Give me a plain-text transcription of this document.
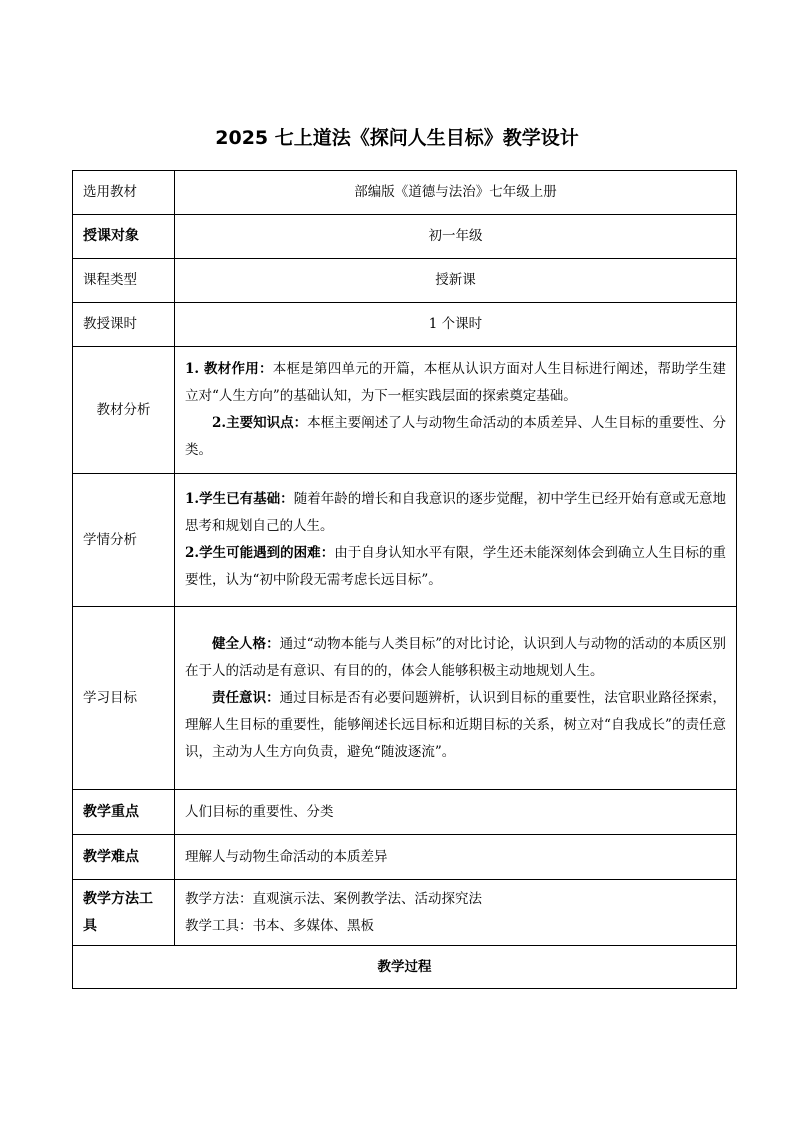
2025 七上道法《探问人生目标》教学设计
选用教材	部编版《道德与法治》七年级上册
授课对象	初一年级
课程类型	授新课
教授课时	1 个课时
教材分析	1. 教材作用：本框是第四单元的开篇，本框从认识方面对人生目标进行阐述，帮助学生建立对“人生方向”的基础认知，为下一框实践层面的探索奠定基础。

2.主要知识点：本框主要阐述了人与动物生命活动的本质差异、人生目标的重要性、分类。

学情分析	1.学生已有基础：随着年龄的增长和自我意识的逐步觉醒，初中学生已经开始有意或无意地思考和规划自己的人生。

2.学生可能遇到的困难：由于自身认知水平有限，学生还未能深刻体会到确立人生目标的重要性，认为“初中阶段无需考虑长远目标”。

学习目标	健全人格：通过“动物本能与人类目标”的对比讨论，认识到人与动物的活动的本质区别在于人的活动是有意识、有目的的，体会人能够积极主动地规划人生。

责任意识：通过目标是否有必要问题辨析，认识到目标的重要性，法官职业路径探索，理解人生目标的重要性，能够阐述长远目标和近期目标的关系，树立对“自我成长”的责任意识，主动为人生方向负责，避免“随波逐流”。

教学重点	人们目标的重要性、分类
教学难点	理解人与动物生命活动的本质差异
教学方法工具	教学方法：直观演示法、案例教学法、活动探究法
教学工具：书本、多媒体、黑板

教学过程	
